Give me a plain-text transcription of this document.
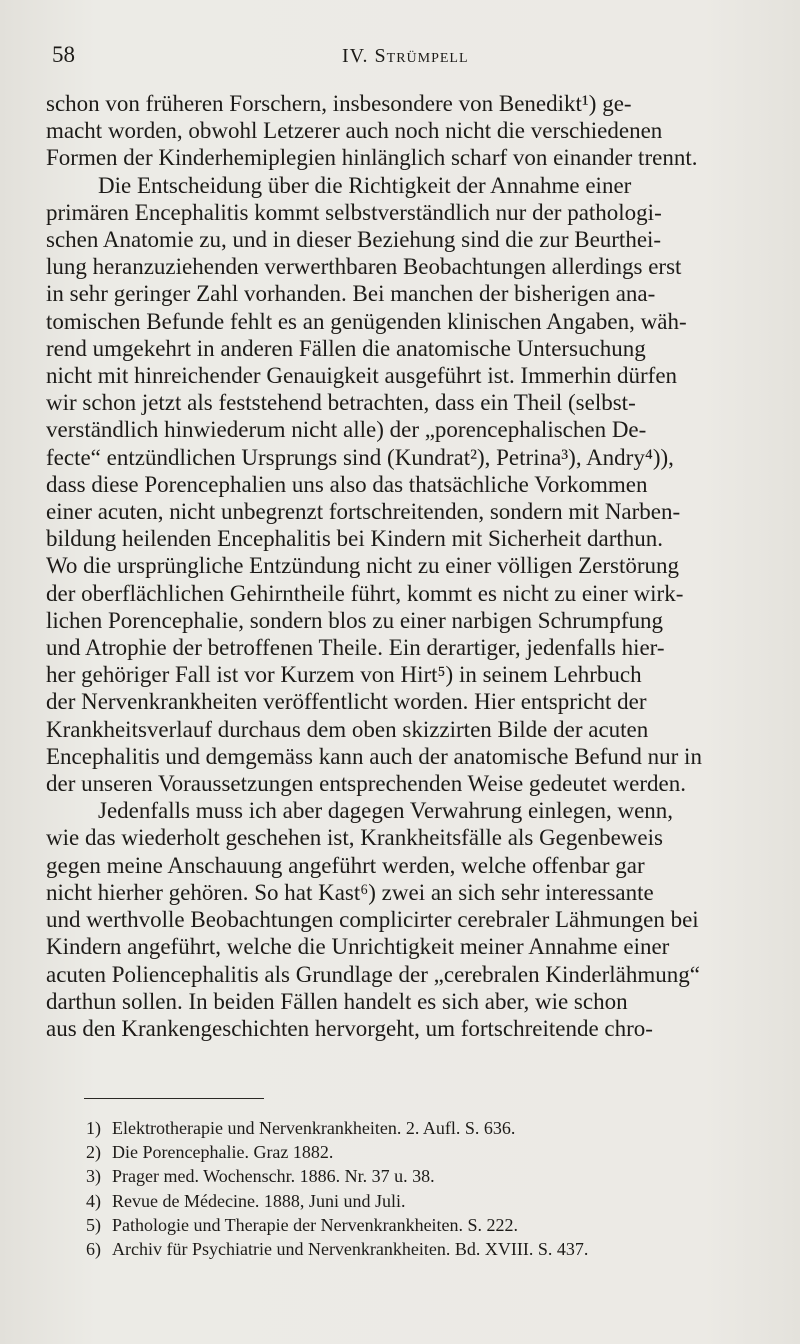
58	IV. Strümpell
schon von früheren Forschern, insbesondere von Benedikt¹) ge-
macht worden, obwohl Letzerer auch noch nicht die verschiedenen
Formen der Kinderhemiplegien hinlänglich scharf von einander trennt.
Die Entscheidung über die Richtigkeit der Annahme einer
primären Encephalitis kommt selbstverständlich nur der pathologi-
schen Anatomie zu, und in dieser Beziehung sind die zur Beurthei-
lung heranzuziehenden verwerthbaren Beobachtungen allerdings erst
in sehr geringer Zahl vorhanden. Bei manchen der bisherigen ana-
tomischen Befunde fehlt es an genügenden klinischen Angaben, wäh-
rend umgekehrt in anderen Fällen die anatomische Untersuchung
nicht mit hinreichender Genauigkeit ausgeführt ist. Immerhin dürfen
wir schon jetzt als feststehend betrachten, dass ein Theil (selbst-
verständlich hinwiederum nicht alle) der „porencephalischen De-
fecte“ entzündlichen Ursprungs sind (Kundrat²), Petrina³), Andry⁴)),
dass diese Porencephalien uns also das thatsächliche Vorkommen
einer acuten, nicht unbegrenzt fortschreitenden, sondern mit Narben-
bildung heilenden Encephalitis bei Kindern mit Sicherheit darthun.
Wo die ursprüngliche Entzündung nicht zu einer völligen Zerstörung
der oberflächlichen Gehirntheile führt, kommt es nicht zu einer wirk-
lichen Porencephalie, sondern blos zu einer narbigen Schrumpfung
und Atrophie der betroffenen Theile. Ein derartiger, jedenfalls hier-
her gehöriger Fall ist vor Kurzem von Hirt⁵) in seinem Lehrbuch
der Nervenkrankheiten veröffentlicht worden. Hier entspricht der
Krankheitsverlauf durchaus dem oben skizzirten Bilde der acuten
Encephalitis und demgemäss kann auch der anatomische Befund nur in
der unseren Voraussetzungen entsprechenden Weise gedeutet werden.
Jedenfalls muss ich aber dagegen Verwahrung einlegen, wenn,
wie das wiederholt geschehen ist, Krankheitsfälle als Gegenbeweis
gegen meine Anschauung angeführt werden, welche offenbar gar
nicht hierher gehören. So hat Kast⁶) zwei an sich sehr interessante
und werthvolle Beobachtungen complicirter cerebraler Lähmungen bei
Kindern angeführt, welche die Unrichtigkeit meiner Annahme einer
acuten Poliencephalitis als Grundlage der „cerebralen Kinderlähmung“
darthun sollen. In beiden Fällen handelt es sich aber, wie schon
aus den Krankengeschichten hervorgeht, um fortschreitende chro-
1) Elektrotherapie und Nervenkrankheiten. 2. Aufl. S. 636.
2) Die Porencephalie. Graz 1882.
3) Prager med. Wochenschr. 1886. Nr. 37 u. 38.
4) Revue de Médecine. 1888, Juni und Juli.
5) Pathologie und Therapie der Nervenkrankheiten. S. 222.
6) Archiv für Psychiatrie und Nervenkrankheiten. Bd. XVIII. S. 437.
